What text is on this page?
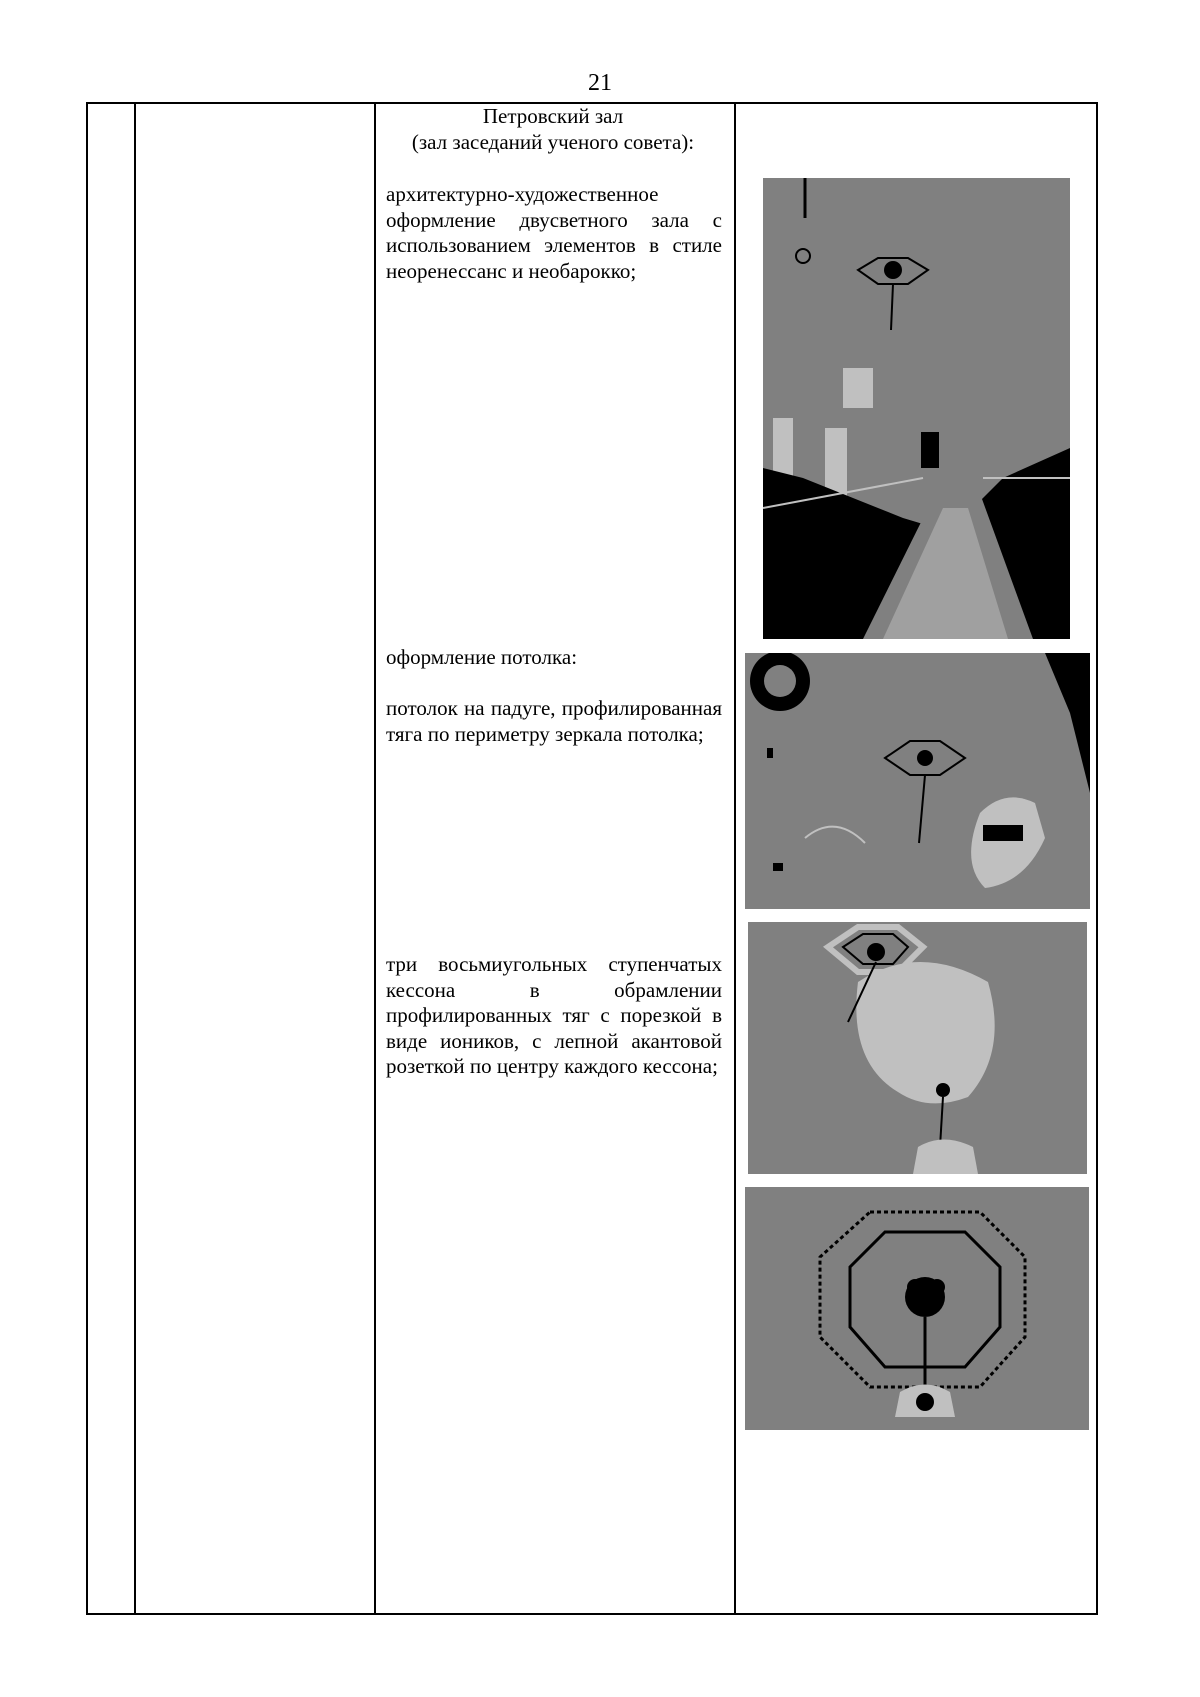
21
Петровский зал
(зал заседаний ученого совета):
архитектурно-художественное оформление двусветного зала с использованием элементов в стиле неоренессанс и необарокко;
оформление потолка:
потолок на падуге, профилированная тяга по периметру зеркала потолка;
три восьмиугольных ступенчатых кессона в обрамлении профилированных тяг с порезкой в виде иоников, с лепной акантовой розеткой по центру каждого кессона;
